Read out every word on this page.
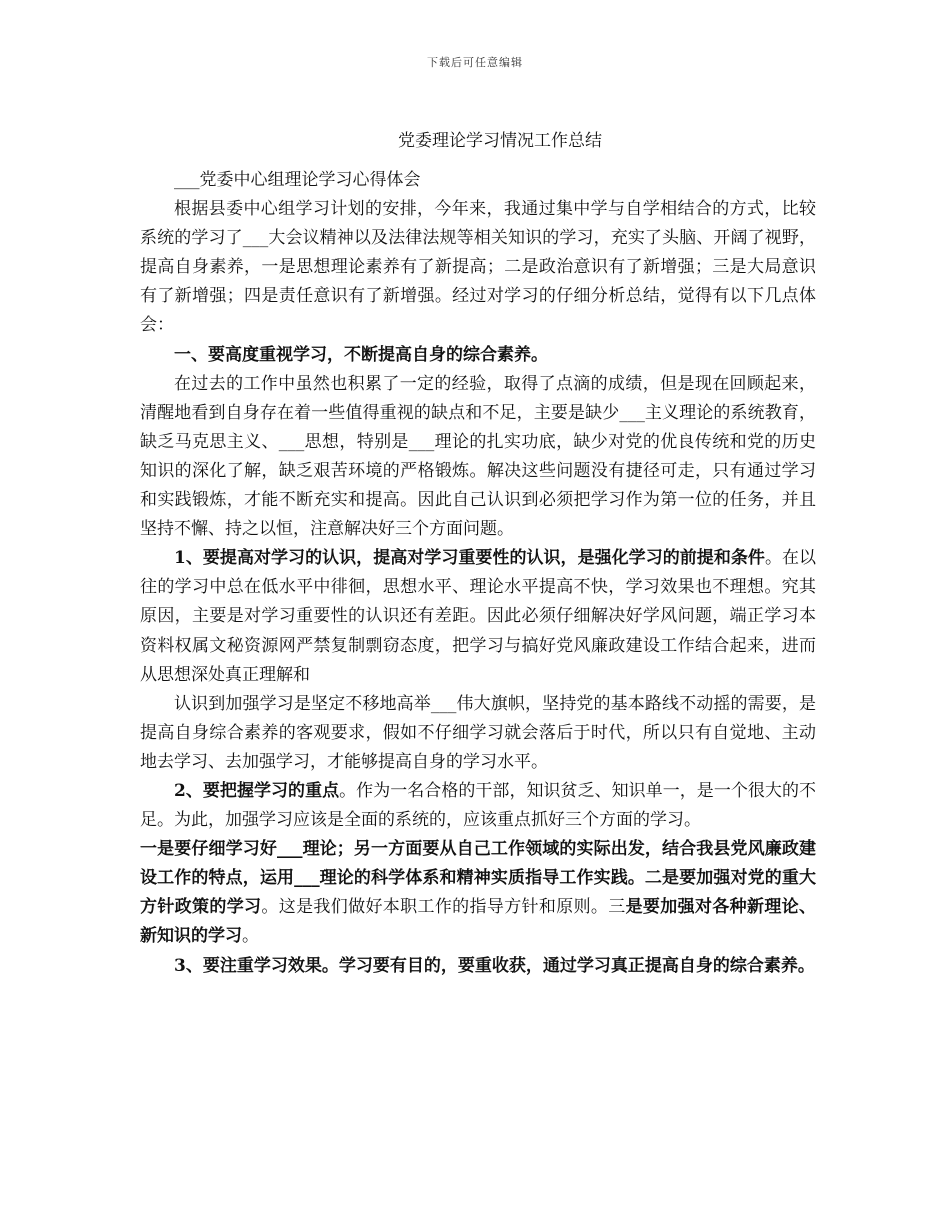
下载后可任意编辑
党委理论学习情况工作总结
___党委中心组理论学习心得体会

根据县委中心组学习计划的安排，今年来，我通过集中学与自学相结合的方式，比较系统的学习了___大会议精神以及法律法规等相关知识的学习，充实了头脑、开阔了视野，提高自身素养，一是思想理论素养有了新提高；二是政治意识有了新增强；三是大局意识有了新增强；四是责任意识有了新增强。经过对学习的仔细分析总结，觉得有以下几点体会：

一、要高度重视学习，不断提高自身的综合素养。

在过去的工作中虽然也积累了一定的经验，取得了点滴的成绩，但是现在回顾起来，清醒地看到自身存在着一些值得重视的缺点和不足，主要是缺少___主义理论的系统教育，缺乏马克思主义、___思想，特别是___理论的扎实功底，缺少对党的优良传统和党的历史知识的深化了解，缺乏艰苦环境的严格锻炼。解决这些问题没有捷径可走，只有通过学习和实践锻炼，才能不断充实和提高。因此自己认识到必须把学习作为第一位的任务，并且坚持不懈、持之以恒，注意解决好三个方面问题。

1、要提高对学习的认识，提高对学习重要性的认识，是强化学习的前提和条件。在以往的学习中总在低水平中徘徊，思想水平、理论水平提高不快，学习效果也不理想。究其原因，主要是对学习重要性的认识还有差距。因此必须仔细解决好学风问题，端正学习本资料权属文秘资源网严禁复制剽窃态度，把学习与搞好党风廉政建设工作结合起来，进而从思想深处真正理解和

认识到加强学习是坚定不移地高举___伟大旗帜，坚持党的基本路线不动摇的需要，是提高自身综合素养的客观要求，假如不仔细学习就会落后于时代，所以只有自觉地、主动地去学习、去加强学习，才能够提高自身的学习水平。

2、要把握学习的重点。作为一名合格的干部，知识贫乏、知识单一，是一个很大的不足。为此，加强学习应该是全面的系统的，应该重点抓好三个方面的学习。

一是要仔细学习好___理论；另一方面要从自己工作领域的实际出发，结合我县党风廉政建设工作的特点，运用___理论的科学体系和精神实质指导工作实践。二是要加强对党的重大方针政策的学习。这是我们做好本职工作的指导方针和原则。三是要加强对各种新理论、新知识的学习。

3、要注重学习效果。学习要有目的，要重收获，通过学习真正提高自身的综合素养。
